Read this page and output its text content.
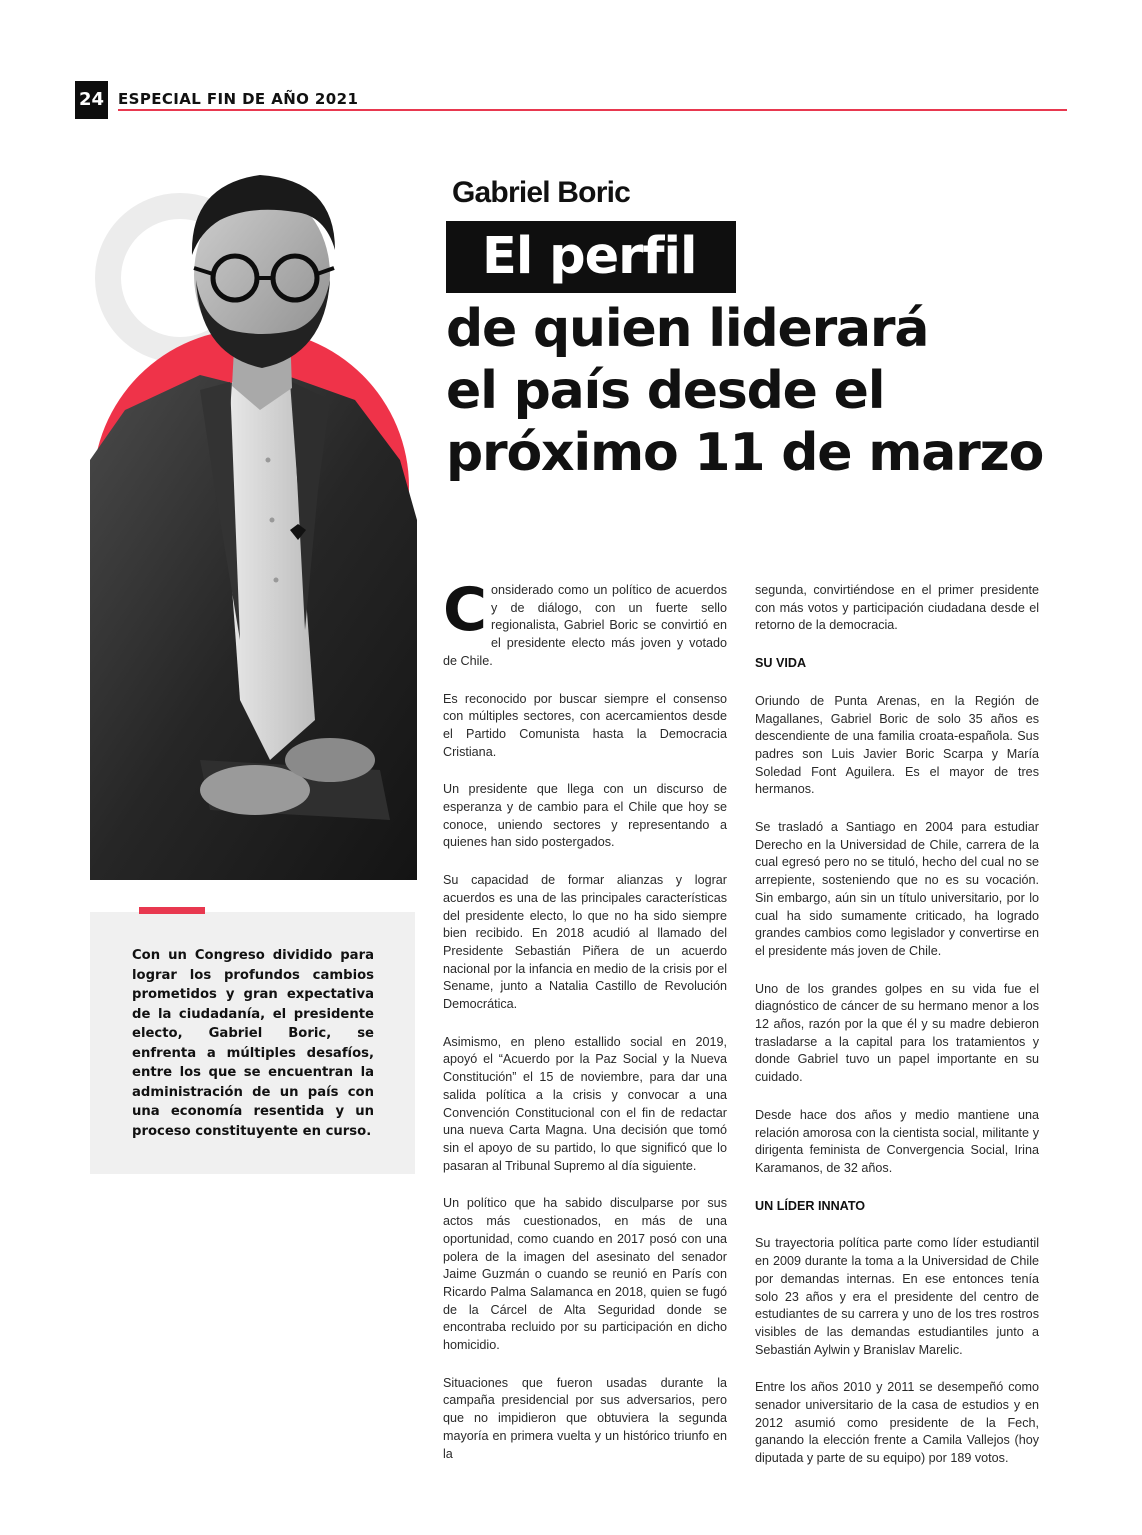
24 ESPECIAL FIN DE AÑO 2021
Gabriel Boric
El perfil
de quien liderará
el país desde el
próximo 11 de marzo

Con un Congreso dividido para lograr los profundos cambios prometidos y gran expectativa de la ciudadanía, el presidente electo, Gabriel Boric, se enfrenta a múltiples desafíos, entre los que se encuentran la administración de un país con una economía resentida y un proceso constituyente en curso.

Considerado como un político de acuerdos y de diálogo, con un fuerte sello regionalista, Gabriel Boric se convirtió en el presidente electo más joven y votado de Chile.

Es reconocido por buscar siempre el consenso con múltiples sectores, con acercamientos desde el Partido Comunista hasta la Democracia Cristiana.

Un presidente que llega con un discurso de esperanza y de cambio para el Chile que hoy se conoce, uniendo sectores y representando a quienes han sido postergados.

Su capacidad de formar alianzas y lograr acuerdos es una de las principales características del presidente electo, lo que no ha sido siempre bien recibido. En 2018 acudió al llamado del Presidente Sebastián Piñera de un acuerdo nacional por la infancia en medio de la crisis por el Sename, junto a Natalia Castillo de Revolución Democrática.

Asimismo, en pleno estallido social en 2019, apoyó el “Acuerdo por la Paz Social y la Nueva Constitución” el 15 de noviembre, para dar una salida política a la crisis y convocar a una Convención Constitucional con el fin de redactar una nueva Carta Magna. Una decisión que tomó sin el apoyo de su partido, lo que significó que lo pasaran al Tribunal Supremo al día siguiente.

Un político que ha sabido disculparse por sus actos más cuestionados, en más de una oportunidad, como cuando en 2017 posó con una polera de la imagen del asesinato del senador Jaime Guzmán o cuando se reunió en París con Ricardo Palma Salamanca en 2018, quien se fugó de la Cárcel de Alta Seguridad donde se encontraba recluido por su participación en dicho homicidio.

Situaciones que fueron usadas durante la campaña presidencial por sus adversarios, pero que no impidieron que obtuviera la segunda mayoría en primera vuelta y un histórico triunfo en la

segunda, convirtiéndose en el primer presidente con más votos y participación ciudadana desde el retorno de la democracia.

SU VIDA

Oriundo de Punta Arenas, en la Región de Magallanes, Gabriel Boric de solo 35 años es descendiente de una familia croata-española. Sus padres son Luis Javier Boric Scarpa y María Soledad Font Aguilera. Es el mayor de tres hermanos.

Se trasladó a Santiago en 2004 para estudiar Derecho en la Universidad de Chile, carrera de la cual egresó pero no se tituló, hecho del cual no se arrepiente, sosteniendo que no es su vocación. Sin embargo, aún sin un título universitario, por lo cual ha sido sumamente criticado, ha logrado grandes cambios como legislador y convertirse en el presidente más joven de Chile.

Uno de los grandes golpes en su vida fue el diagnóstico de cáncer de su hermano menor a los 12 años, razón por la que él y su madre debieron trasladarse a la capital para los tratamientos y donde Gabriel tuvo un papel importante en su cuidado.

Desde hace dos años y medio mantiene una relación amorosa con la cientista social, militante y dirigenta feminista de Convergencia Social, Irina Karamanos, de 32 años.

UN LÍDER INNATO

Su trayectoria política parte como líder estudiantil en 2009 durante la toma a la Universidad de Chile por demandas internas. En ese entonces tenía solo 23 años y era el presidente del centro de estudiantes de su carrera y uno de los tres rostros visibles de las demandas estudiantiles junto a Sebastián Aylwin y Branislav Marelic.

Entre los años 2010 y 2011 se desempeñó como senador universitario de la casa de estudios y en 2012 asumió como presidente de la Fech, ganando la elección frente a Camila Vallejos (hoy diputada y parte de su equipo) por 189 votos.
